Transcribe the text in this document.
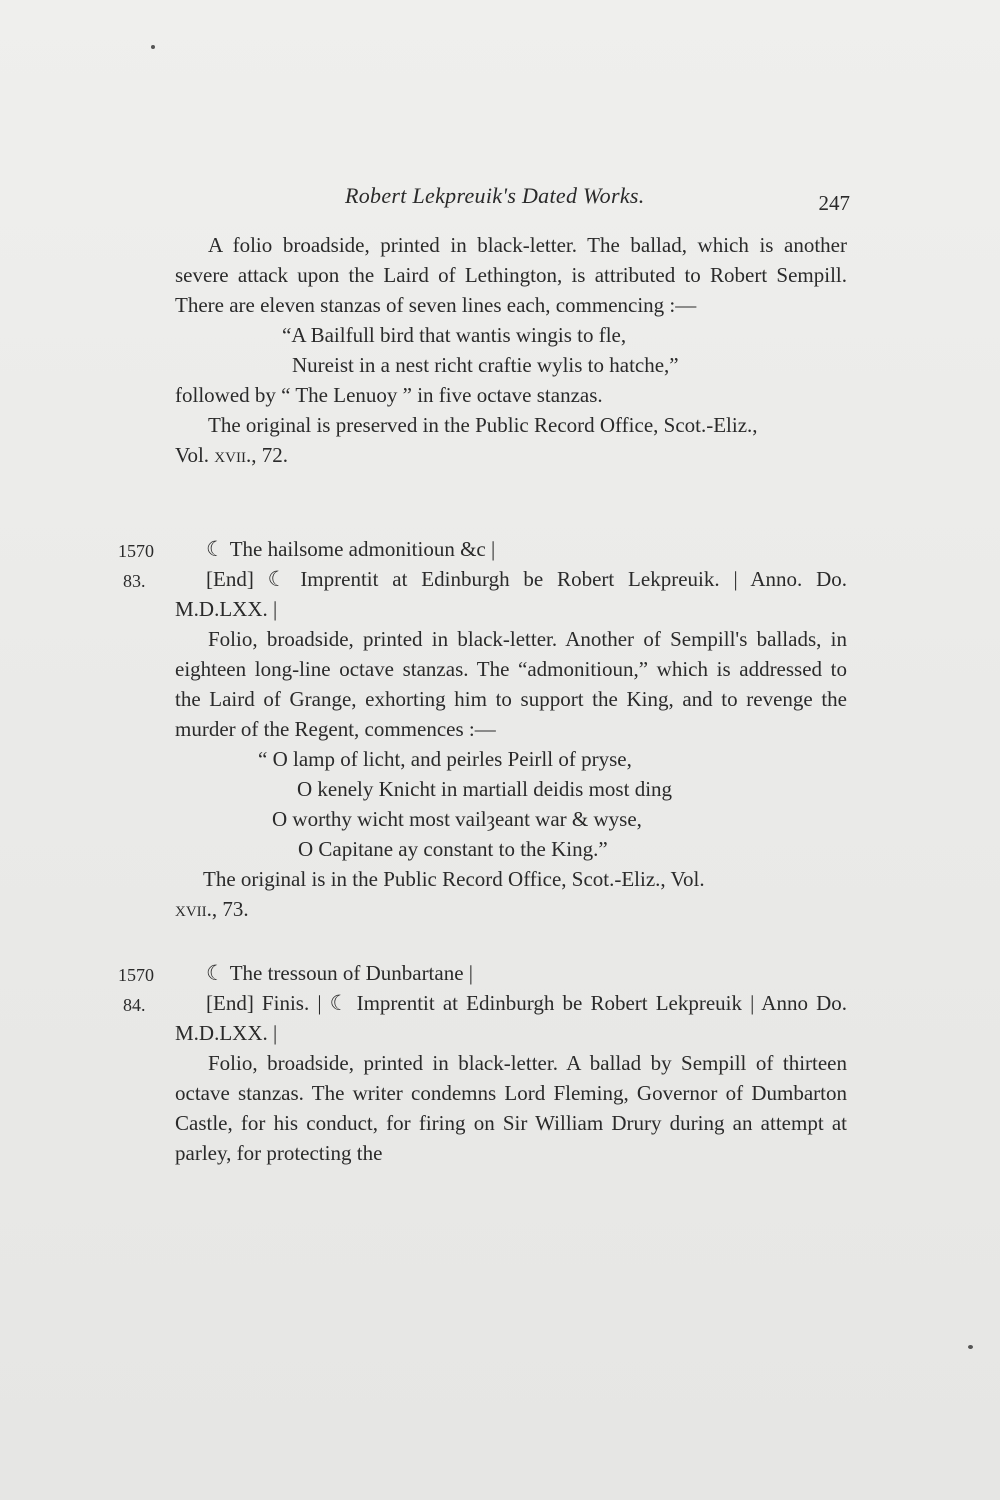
Robert Lekpreuik's Dated Works.	247

A folio broadside, printed in black-letter. The ballad, which is another severe attack upon the Laird of Lethington, is attributed to Robert Sempill. There are eleven stanzas of seven lines each, commencing :—

“A Bailfull bird that wantis wingis to fle,

Nureist in a nest richt craftie wylis to hatche,”

followed by “ The Lenuoy ” in five octave stanzas.

The original is preserved in the Public Record Office, Scot.-Eliz.,
Vol. xvii., 72.

1570
83.

☾ The hailsome admonitioun &c |

[End] ☾ Imprentit at Edinburgh be Robert Lekpreuik. | Anno. Do. M.D.LXX. |

Folio, broadside, printed in black-letter. Another of Sempill's ballads, in eighteen long-line octave stanzas. The “admonitioun,” which is addressed to the Laird of Grange, exhorting him to support the King, and to revenge the murder of the Regent, commences :—

“ O lamp of licht, and peirles Peirll of pryse,

O kenely Knicht in martiall deidis most ding

O worthy wicht most vailȝeant war & wyse,

O Capitane ay constant to the King.”

The original is in the Public Record Office, Scot.-Eliz., Vol.
xvii., 73.

1570
84.

☾ The tressoun of Dunbartane |

[End] Finis. | ☾ Imprentit at Edinburgh be Robert Lekpreuik | Anno Do. M.D.LXX. |

Folio, broadside, printed in black-letter. A ballad by Sempill of thirteen octave stanzas. The writer condemns Lord Fleming, Governor of Dumbarton Castle, for his conduct, for firing on Sir William Drury during an attempt at parley, for protecting the
